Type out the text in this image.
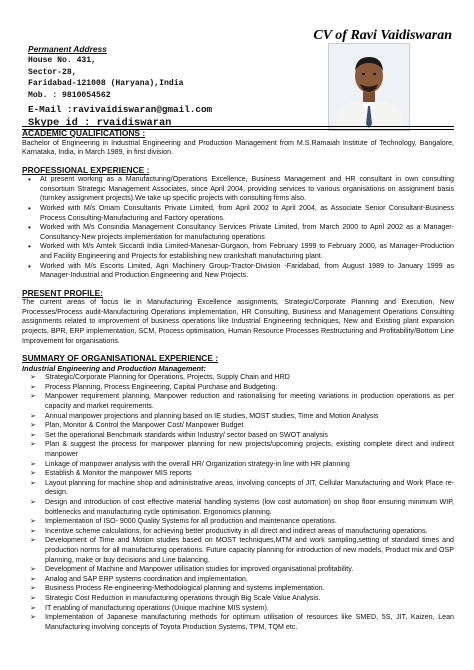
CV of Ravi Vaidiswaran
Permanent Address
House No. 431,
Sector-28,
Faridabad-121008 (Haryana),India
Mob. : 9810054562
E-Mail :ravivaidiswaran@gmail.com
Skype id : rvaidiswaran
ACADEMIC QUALIFICATIONS :
Bachelor of Engineering in Industrial Engineering and Production Management from M.S.Ramaiah Institute of Technology, Bangalore, Karnataka, India, in March 1989, in first division.
PROFESSIONAL EXPERIENCE :
• At present working as a Manufacturing/Operations Excellence, Business Management and HR consultant in own consulting consortium Strategic Management Associates, since April 2004, providing services to various organisations on assignment basis (turnkey assignment projects).We take up specific projects with consulting firms also.
• Worked with M/s Omam Consultants Private Limited, from April 2002 to April 2004, as Associate Senior Consultant-Business Process Consulting-Manufacturing and Factory operations.
• Worked with M/s Consindia Management Consultancy Services Private Limited, from March 2000 to April 2002 as a Manager-Consultancy-New projects implementation for manufacturing operations
• Worked with M/s Amtek Siccardi India Limited-Manesar-Gurgaon, from February 1999 to February 2000, as Manager-Production and Facility Engineering and Projects for establishing new crankshaft manufacturing plant.
• Worked with M/s Escorts Limited, Agri Machinery Group-Tractor-Division -Faridabad, from August 1989 to January 1999 as Manager-Industrial and Production Engineering and New Projects.
PRESENT PROFILE:
The current areas of focus lie in Manufacturing Excellence assignments, Strategic/Corporate Planning and Execution, New Processes/Process audit-Manufacturing Operations implementation, HR Consulting, Business and Management Operations Consulting assignments related to improvement of business operations like Industrial Engineering techniques, New and Existing plant expansion projects, BPR, ERP implementation, SCM, Process optimisation, Human Resource Processes Restructuring and Profitability/Bottom Line Improvement for organisations.
SUMMARY OF ORGANISATIONAL EXPERIENCE :
Industrial Engineering and Production Management:
➢ Strategic/Corporate Planning for Operations, Projects, Supply Chain and HRD
➢ Process Planning, Process Engineering, Capital Purchase and Budgeting.
➢ Manpower requirement planning, Manpower reduction and rationalising for meeting variations in production operations as per capacity and market requirements.
➢ Annual manpower projections and planning based on IE studies, MOST studies, Time and Motion Analysis
➢ Plan, Monitor & Control the Manpower Cost/ Manpower Budget
➢ Set the operational Benchmark standards within Industry/ sector based on SWOT analysis
➢ Plan & suggest the process for manpower planning for new projects/upcoming projects, existing complete direct and indirect manpower
➢ Linkage of manpower analysis with the overall HR/ Organization strategy-in line with HR planning
➢ Establish & Monitor the manpower MIS reports
➢ Layout planning for machine shop and administrative areas, involving concepts of JIT, Cellular Manufacturing and Work Place re-design.
➢ Design and introduction of cost effective material handling systems (low cost automation) on shop floor ensuring minimum WIP, bottlenecks and manufacturing cycle optimisation. Ergonomics planning.
➢ Implementation of ISO- 9000 Quality Systems for all production and maintenance operations.
➢ Incentive scheme calculations, for achieving better productivity in all direct and indirect areas of manufacturing operations.
➢ Development of Time and Motion studies based on MOST techniques,MTM and work sampling,setting of standard times and production norms for all manufacturing operations. Future capacity planning for introduction of new models, Product mix and OSP planning, make or buy decisions and Line balancing.
➢ Development of Machine and Manpower utilisation studies for improved organisational profitability.
➢ Analog and SAP ERP systems coordination and implementation.
➢ Business Process Re-engineering-Methodological planning and systems implementation.
➢ Strategic Cost Reduction in manufacturing operations through Big Scale Value Analysis.
➢ IT enabling of manufacturing operations (Unique machine MIS system).
➢ Implementation of Japanese manufacturing methods for optimum utilisation of resources like SMED, 5S, JIT, Kaizen, Lean Manufacturing involving concepts of Toyota Production Systems, TPM, TQM etc.
